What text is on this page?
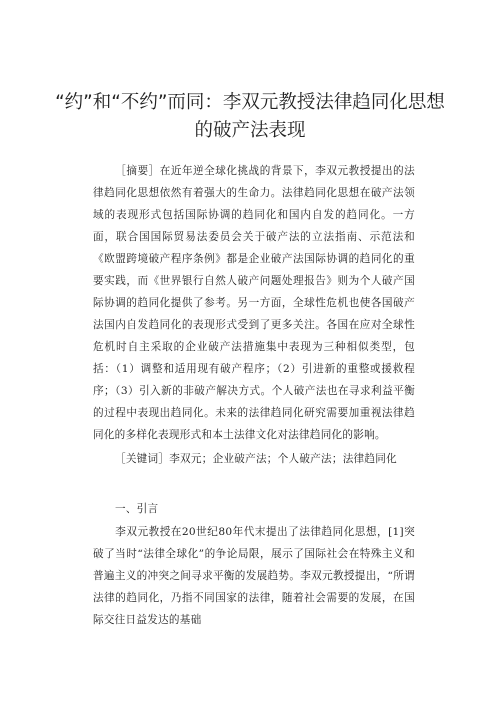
“约”和“不约”而同：李双元教授法律趋同化思想
的破产法表现

［摘要］在近年逆全球化挑战的背景下，李双元教授提出的法律趋同化思想依然有着强大的生命力。法律趋同化思想在破产法领域的表现形式包括国际协调的趋同化和国内自发的趋同化。一方面，联合国国际贸易法委员会关于破产法的立法指南、示范法和《欧盟跨境破产程序条例》都是企业破产法国际协调的趋同化的重要实践，而《世界银行自然人破产问题处理报告》则为个人破产国际协调的趋同化提供了参考。另一方面，全球性危机也使各国破产法国内自发趋同化的表现形式受到了更多关注。各国在应对全球性危机时自主采取的企业破产法措施集中表现为三种相似类型，包括：（1）调整和适用现有破产程序；（2）引进新的重整或援救程序；（3）引入新的非破产解决方式。个人破产法也在寻求利益平衡的过程中表现出趋同化。未来的法律趋同化研究需要加重视法律趋同化的多样化表现形式和本土法律文化对法律趋同化的影响。

［关键词］李双元；企业破产法；个人破产法；法律趋同化

一、引言

李双元教授在20世纪80年代末提出了法律趋同化思想，[1]突破了当时“法律全球化”的争论局限，展示了国际社会在特殊主义和普遍主义的冲突之间寻求平衡的发展趋势。李双元教授提出，“所谓法律的趋同化，乃指不同国家的法律，随着社会需要的发展，在国际交往日益发达的基础
